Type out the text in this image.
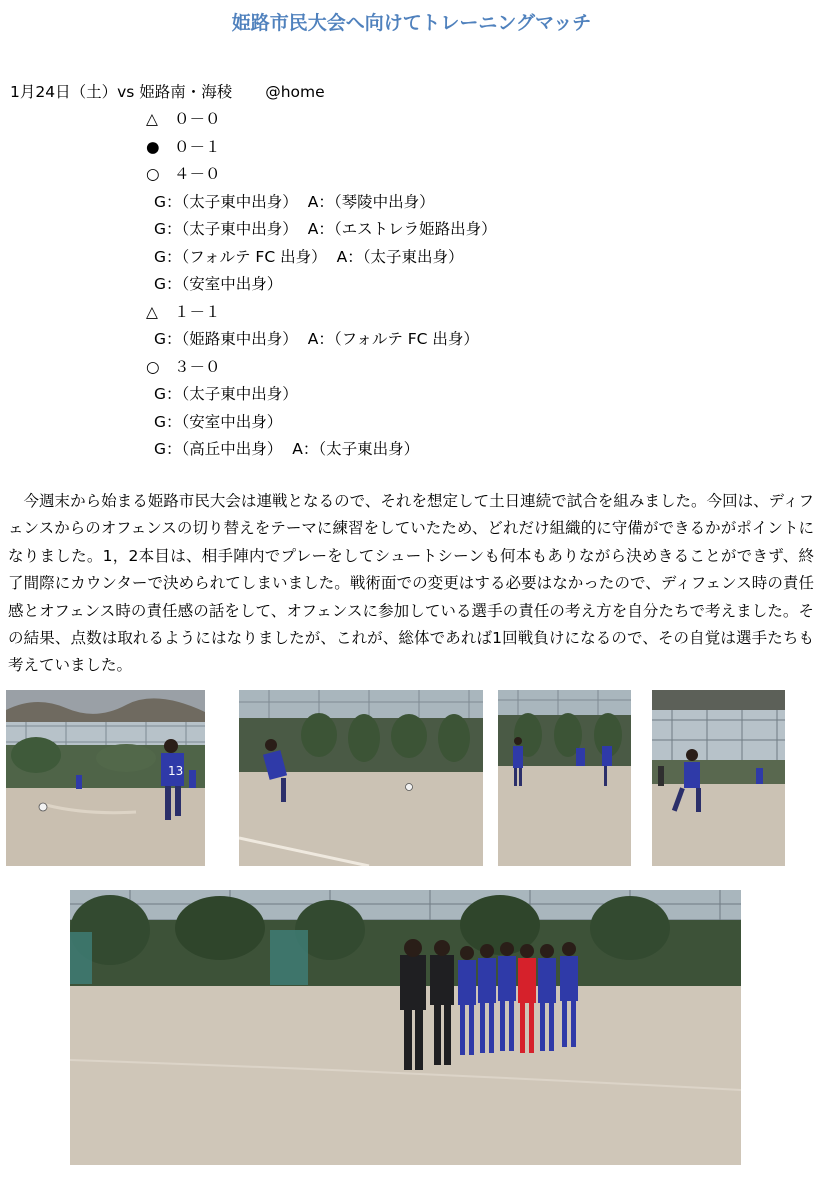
姫路市民大会へ向けてトレーニングマッチ
1月24日（土）vs 姫路南・海稜 @home
△ ０－０
● ０－１
○ ４－０
G：（太子東中出身） A：（琴陵中出身）
G：（太子東中出身） A：（エストレラ姫路出身）
G：（フォルテ FC 出身） A：（太子東出身）
G：（安室中出身）
△ １－１
G：（姫路東中出身） A：（フォルテ FC 出身）
○ ３－０
G：（太子東中出身）
G：（安室中出身）
G：（高丘中出身） A：（太子東出身）
今週末から始まる姫路市民大会は連戦となるので、それを想定して土日連続で試合を組みました。今回は、ディフェンスからのオフェンスの切り替えをテーマに練習をしていたため、どれだけ組織的に守備ができるかがポイントになりました。1，2本目は、相手陣内でプレーをしてシュートシーンも何本もありながら決めきることができず、終了間際にカウンターで決められてしまいました。戦術面での変更はする必要はなかったので、ディフェンス時の責任感とオフェンス時の責任感の話をして、オフェンスに参加している選手の責任の考え方を自分たちで考えました。その結果、点数は取れるようにはなりましたが、これが、総体であれば1回戦負けになるので、その自覚は選手たちも考えていました。
13
